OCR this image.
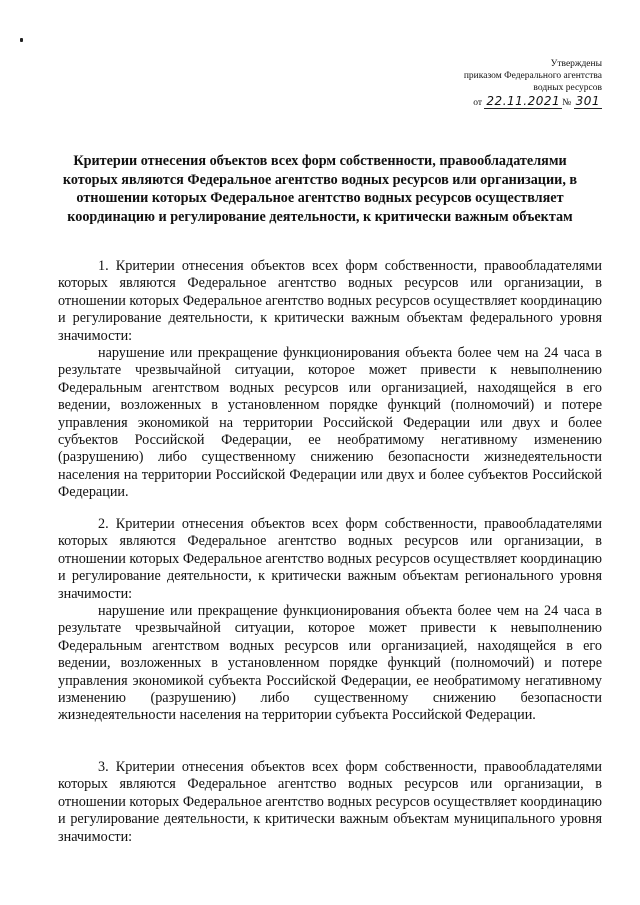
Утверждены
приказом Федерального агентства
водных ресурсов
от 22.11.2021 № 301
Критерии отнесения объектов всех форм собственности, правообладателями которых являются Федеральное агентство водных ресурсов или организации, в отношении которых Федеральное агентство водных ресурсов осуществляет координацию и регулирование деятельности, к критически важным объектам

1. Критерии отнесения объектов всех форм собственности, правообладателями которых являются Федеральное агентство водных ресурсов или организации, в отношении которых Федеральное агентство водных ресурсов осуществляет координацию и регулирование деятельности, к критически важным объектам федерального уровня значимости:

нарушение или прекращение функционирования объекта более чем на 24 часа в результате чрезвычайной ситуации, которое может привести к невыполнению Федеральным агентством водных ресурсов или организацией, находящейся в его ведении, возложенных в установленном порядке функций (полномочий) и потере управления экономикой на территории Российской Федерации или двух и более субъектов Российской Федерации, ее необратимому негативному изменению (разрушению) либо существенному снижению безопасности жизнедеятельности населения на территории Российской Федерации или двух и более субъектов Российской Федерации.

2. Критерии отнесения объектов всех форм собственности, правообладателями которых являются Федеральное агентство водных ресурсов или организации, в отношении которых Федеральное агентство водных ресурсов осуществляет координацию и регулирование деятельности, к критически важным объектам регионального уровня значимости:

нарушение или прекращение функционирования объекта более чем на 24 часа в результате чрезвычайной ситуации, которое может привести к невыполнению Федеральным агентством водных ресурсов или организацией, находящейся в его ведении, возложенных в установленном порядке функций (полномочий) и потере управления экономикой субъекта Российской Федерации, ее необратимому негативному изменению (разрушению) либо существенному снижению безопасности жизнедеятельности населения на территории субъекта Российской Федерации.

3. Критерии отнесения объектов всех форм собственности, правообладателями которых являются Федеральное агентство водных ресурсов или организации, в отношении которых Федеральное агентство водных ресурсов осуществляет координацию и регулирование деятельности, к критически важным объектам муниципального уровня значимости:
